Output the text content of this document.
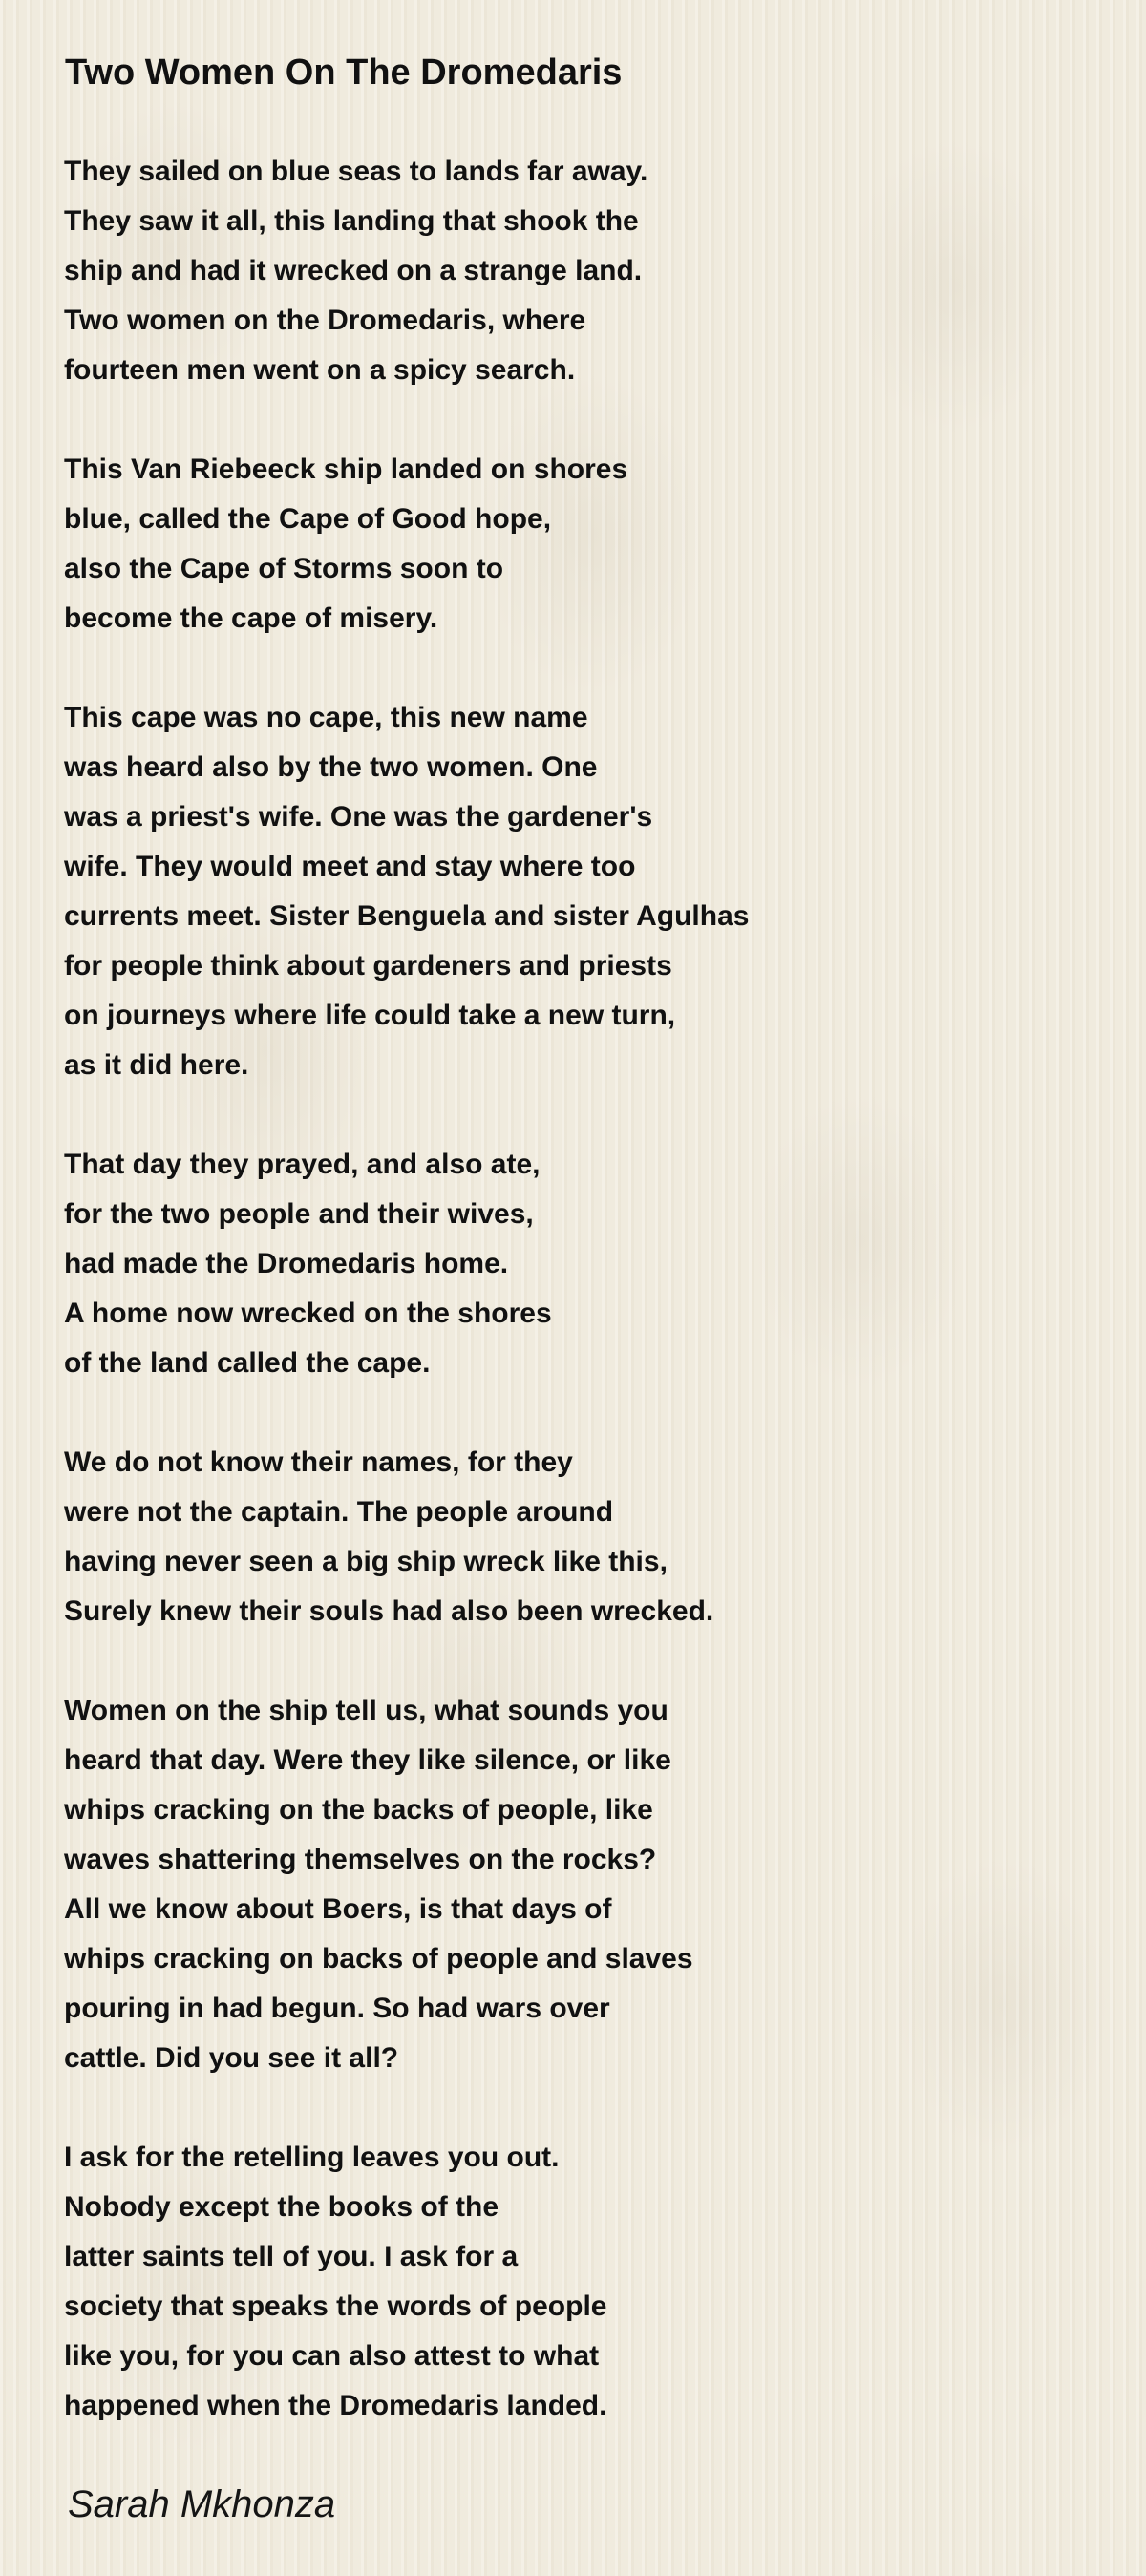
Two Women On The Dromedaris

They sailed on blue seas to lands far away.
They saw it all, this landing that shook the
ship and had it wrecked on a strange land.
Two women on the Dromedaris, where
fourteen men went on a spicy search.

This Van Riebeeck ship landed on shores
blue, called the Cape of Good hope,
also the Cape of Storms soon to
become the cape of misery.

This cape was no cape, this new name
was heard also by the two women. One
was a priest's wife. One was the gardener's
wife. They would meet and stay where too
currents meet. Sister Benguela and sister Agulhas
for people think about gardeners and priests
on journeys where life could take a new turn,
as it did here.

That day they prayed, and also ate,
for the two people and their wives,
had made the Dromedaris home.
A home now wrecked on the shores
of the land called the cape.

We do not know their names, for they
were not the captain. The people around
having never seen a big ship wreck like this,
Surely knew their souls had also been wrecked.

Women on the ship tell us, what sounds you
heard that day. Were they like silence, or like
whips cracking on the backs of people, like
waves shattering themselves on the rocks?
All we know about Boers, is that days of
whips cracking on backs of people and slaves
pouring in had begun. So had wars over
cattle. Did you see it all?

I ask for the retelling leaves you out.
Nobody except the books of the
latter saints tell of you. I ask for a
society that speaks the words of people
like you, for you can also attest to what
happened when the Dromedaris landed.

Sarah Mkhonza
